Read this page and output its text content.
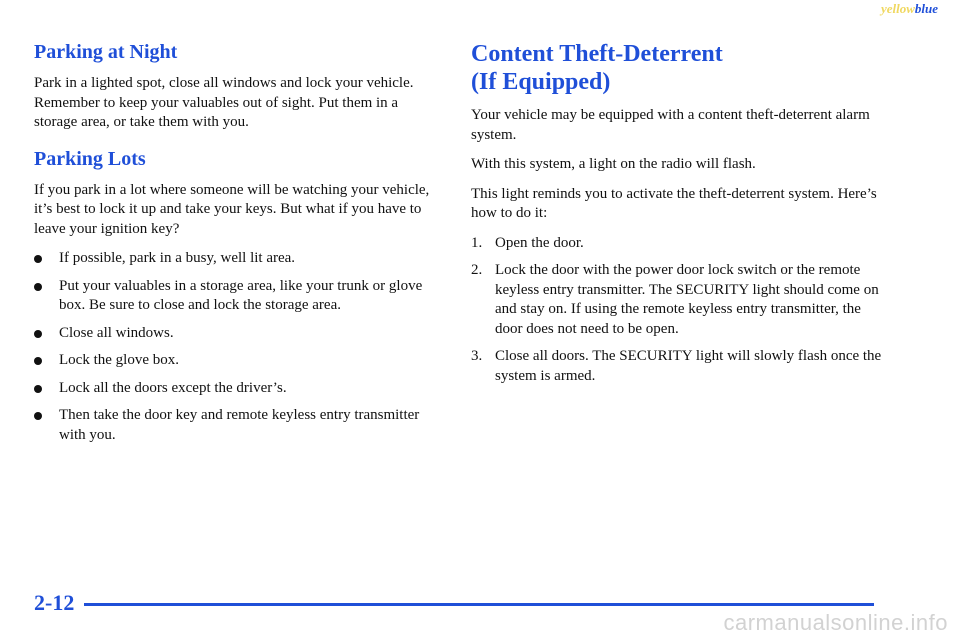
yellowblue
Parking at Night

Park in a lighted spot, close all windows and lock your vehicle. Remember to keep your valuables out of sight. Put them in a storage area, or take them with you.

Parking Lots

If you park in a lot where someone will be watching your vehicle, it’s best to lock it up and take your keys. But what if you have to leave your ignition key?

If possible, park in a busy, well lit area.
Put your valuables in a storage area, like your trunk or glove box. Be sure to close and lock the storage area.
Close all windows.
Lock the glove box.
Lock all the doors except the driver’s.
Then take the door key and remote keyless entry transmitter with you.
Content Theft-Deterrent
(If Equipped)

Your vehicle may be equipped with a content theft-deterrent alarm system.

With this system, a light on the radio will flash.

This light reminds you to activate the theft-deterrent system. Here’s how to do it:

1. Open the door.
2. Lock the door with the power door lock switch or the remote keyless entry transmitter. The SECURITY light should come on and stay on. If using the remote keyless entry transmitter, the door does not need to be open.
3. Close all doors. The SECURITY light will slowly flash once the system is armed.
2-12
carmanualsonline.info
